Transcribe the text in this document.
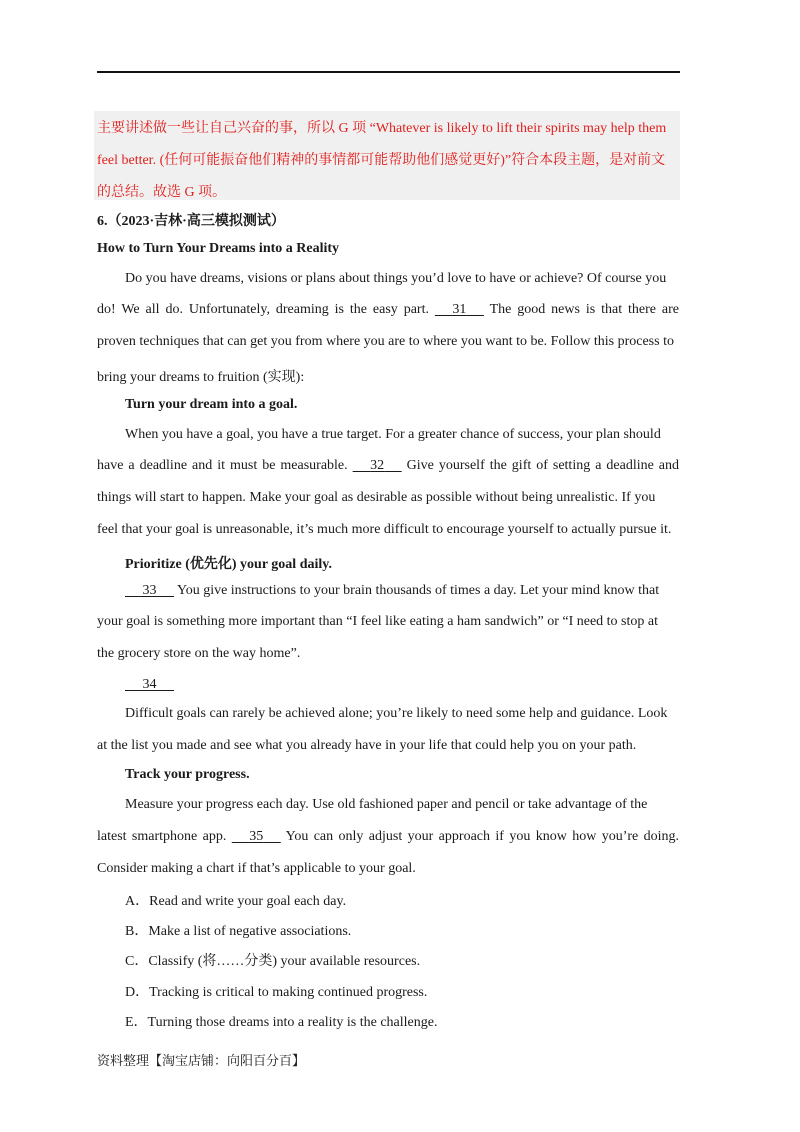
主要讲述做一些让自己兴奋的事，所以 G 项 “Whatever is likely to lift their spirits may help them
feel better. (任何可能振奋他们精神的事情都可能帮助他们感觉更好)”符合本段主题，是对前文
的总结。故选 G 项。
6.（2023·吉林·高三模拟测试）
How to Turn Your Dreams into a Reality
Do you have dreams, visions or plans about things you’d love to have or achieve? Of course you
do! We all do. Unfortunately, dreaming is the easy part. 31 The good news is that there are
proven techniques that can get you from where you are to where you want to be. Follow this process to
bring your dreams to fruition (实现):
Turn your dream into a goal.
When you have a goal, you have a true target. For a greater chance of success, your plan should
have a deadline and it must be measurable. 32 Give yourself the gift of setting a deadline and
things will start to happen. Make your goal as desirable as possible without being unrealistic. If you
feel that your goal is unreasonable, it’s much more difficult to encourage yourself to actually pursue it.
Prioritize (优先化) your goal daily.
33 You give instructions to your brain thousands of times a day. Let your mind know that
your goal is something more important than “I feel like eating a ham sandwich” or “I need to stop at
the grocery store on the way home”.
34
Difficult goals can rarely be achieved alone; you’re likely to need some help and guidance. Look
at the list you made and see what you already have in your life that could help you on your path.
Track your progress.
Measure your progress each day. Use old fashioned paper and pencil or take advantage of the
latest smartphone app. 35 You can only adjust your approach if you know how you’re doing.
Consider making a chart if that’s applicable to your goal.
A．Read and write your goal each day.
B．Make a list of negative associations.
C．Classify (将……分类) your available resources.
D．Tracking is critical to making continued progress.
E．Turning those dreams into a reality is the challenge.
资料整理【淘宝店铺：向阳百分百】
